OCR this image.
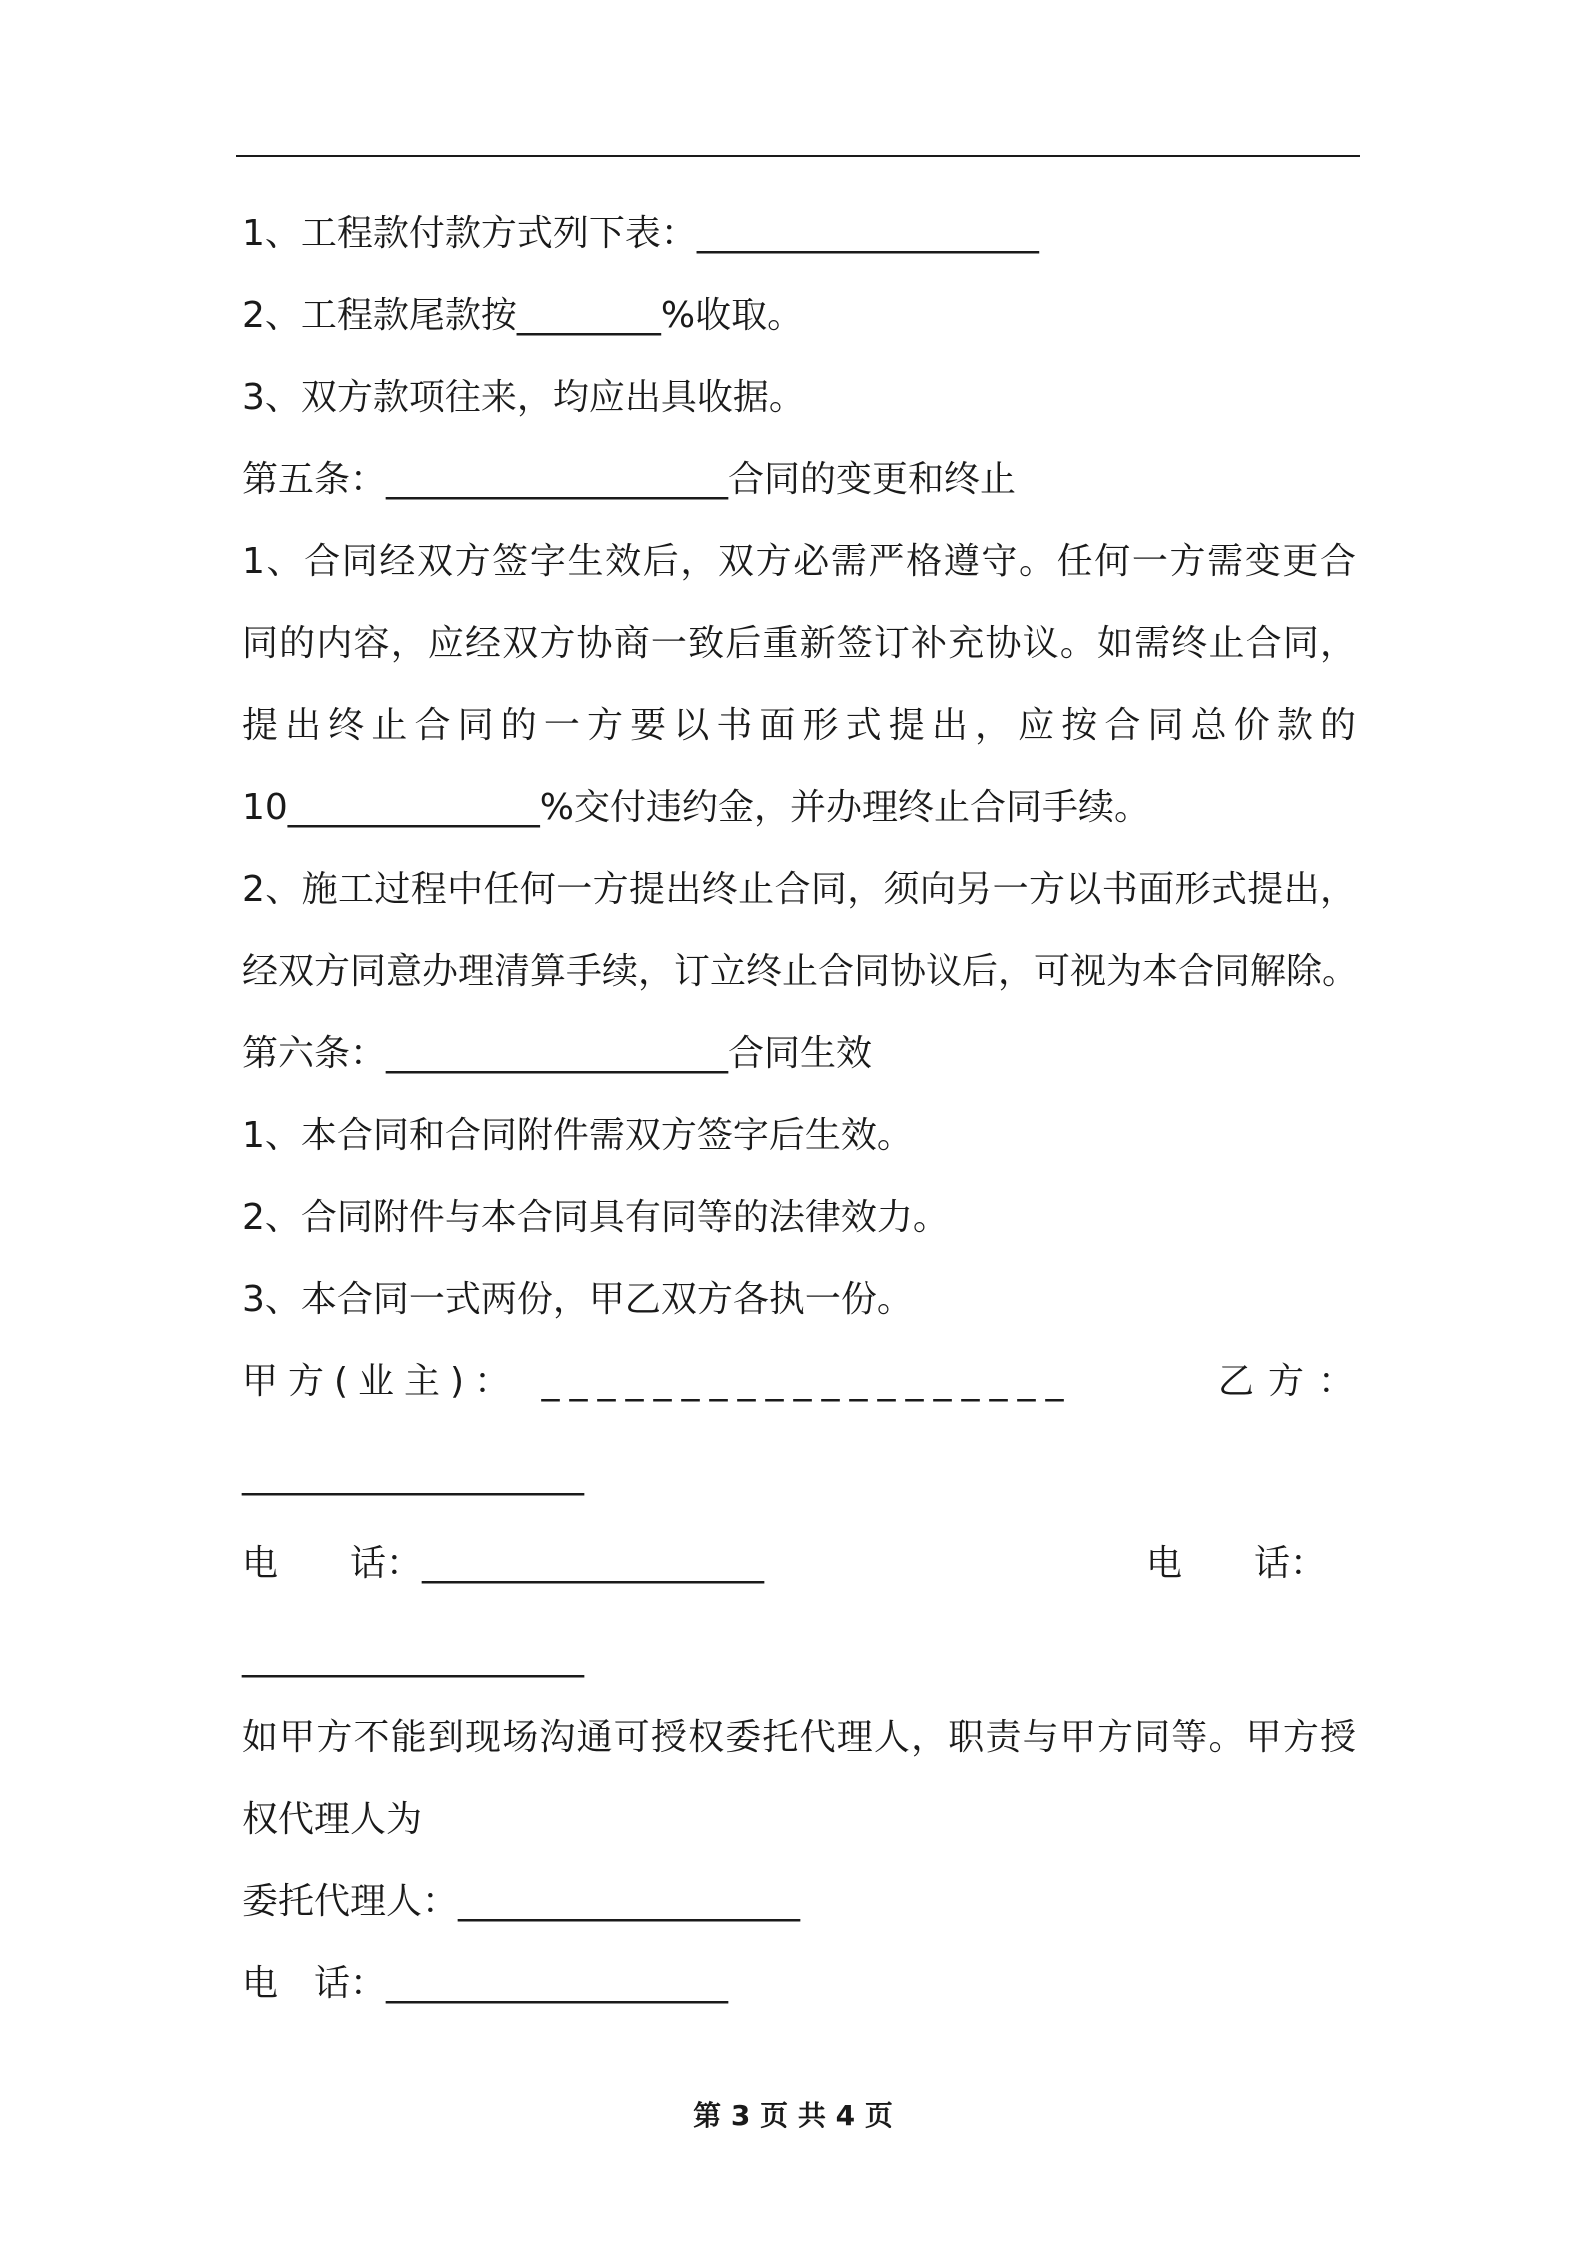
1、工程款付款方式列下表：___________________
2、工程款尾款按________%收取。
3、双方款项往来，均应出具收据。
第五条：___________________合同的变更和终止
1、合同经双方签字生效后，双方必需严格遵守。任何一方需变更合
同的内容，应经双方协商一致后重新签订补充协议。如需终止合同，
提出终止合同的一方要以书面形式提出，应按合同总价款的
10______________%交付违约金，并办理终止合同手续。
2、施工过程中任何一方提出终止合同，须向另一方以书面形式提出，
经双方同意办理清算手续，订立终止合同协议后，可视为本合同解除。
第六条：___________________合同生效
1、本合同和合同附件需双方签字后生效。
2、合同附件与本合同具有同等的法律效力。
3、本合同一式两份，甲乙双方各执一份。
甲方(业主)： ___________________	乙方：
___________________
电　　话：___________________	电　　话：
___________________
如甲方不能到现场沟通可授权委托代理人，职责与甲方同等。甲方授
权代理人为
委托代理人：___________________
电　话：___________________
第 3 页 共 4 页
